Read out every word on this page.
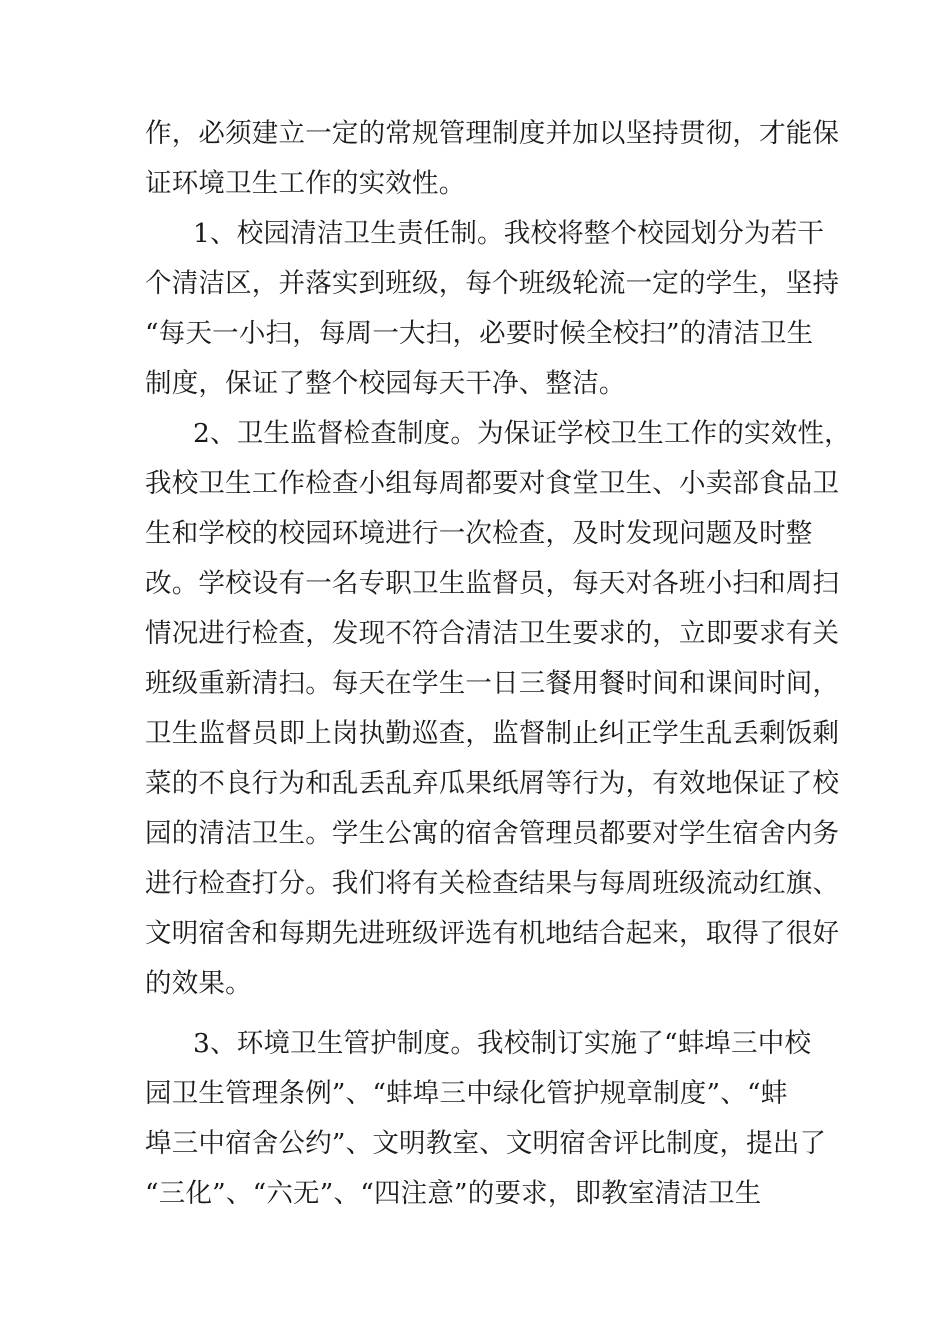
作，必须建立一定的常规管理制度并加以坚持贯彻，才能保
证环境卫生工作的实效性。
1、校园清洁卫生责任制。我校将整个校园划分为若干
个清洁区，并落实到班级，每个班级轮流一定的学生，坚持
“每天一小扫，每周一大扫，必要时候全校扫”的清洁卫生
制度，保证了整个校园每天干净、整洁。
2、卫生监督检查制度。为保证学校卫生工作的实效性，
我校卫生工作检查小组每周都要对食堂卫生、小卖部食品卫
生和学校的校园环境进行一次检查，及时发现问题及时整
改。学校设有一名专职卫生监督员，每天对各班小扫和周扫
情况进行检查，发现不符合清洁卫生要求的，立即要求有关
班级重新清扫。每天在学生一日三餐用餐时间和课间时间，
卫生监督员即上岗执勤巡查，监督制止纠正学生乱丢剩饭剩
菜的不良行为和乱丢乱弃瓜果纸屑等行为，有效地保证了校
园的清洁卫生。学生公寓的宿舍管理员都要对学生宿舍内务
进行检查打分。我们将有关检查结果与每周班级流动红旗、
文明宿舍和每期先进班级评选有机地结合起来，取得了很好
的效果。
3、环境卫生管护制度。我校制订实施了“蚌埠三中校
园卫生管理条例”、“蚌埠三中绿化管护规章制度”、“蚌
埠三中宿舍公约”、文明教室、文明宿舍评比制度，提出了
“三化”、“六无”、“四注意”的要求，即教室清洁卫生
